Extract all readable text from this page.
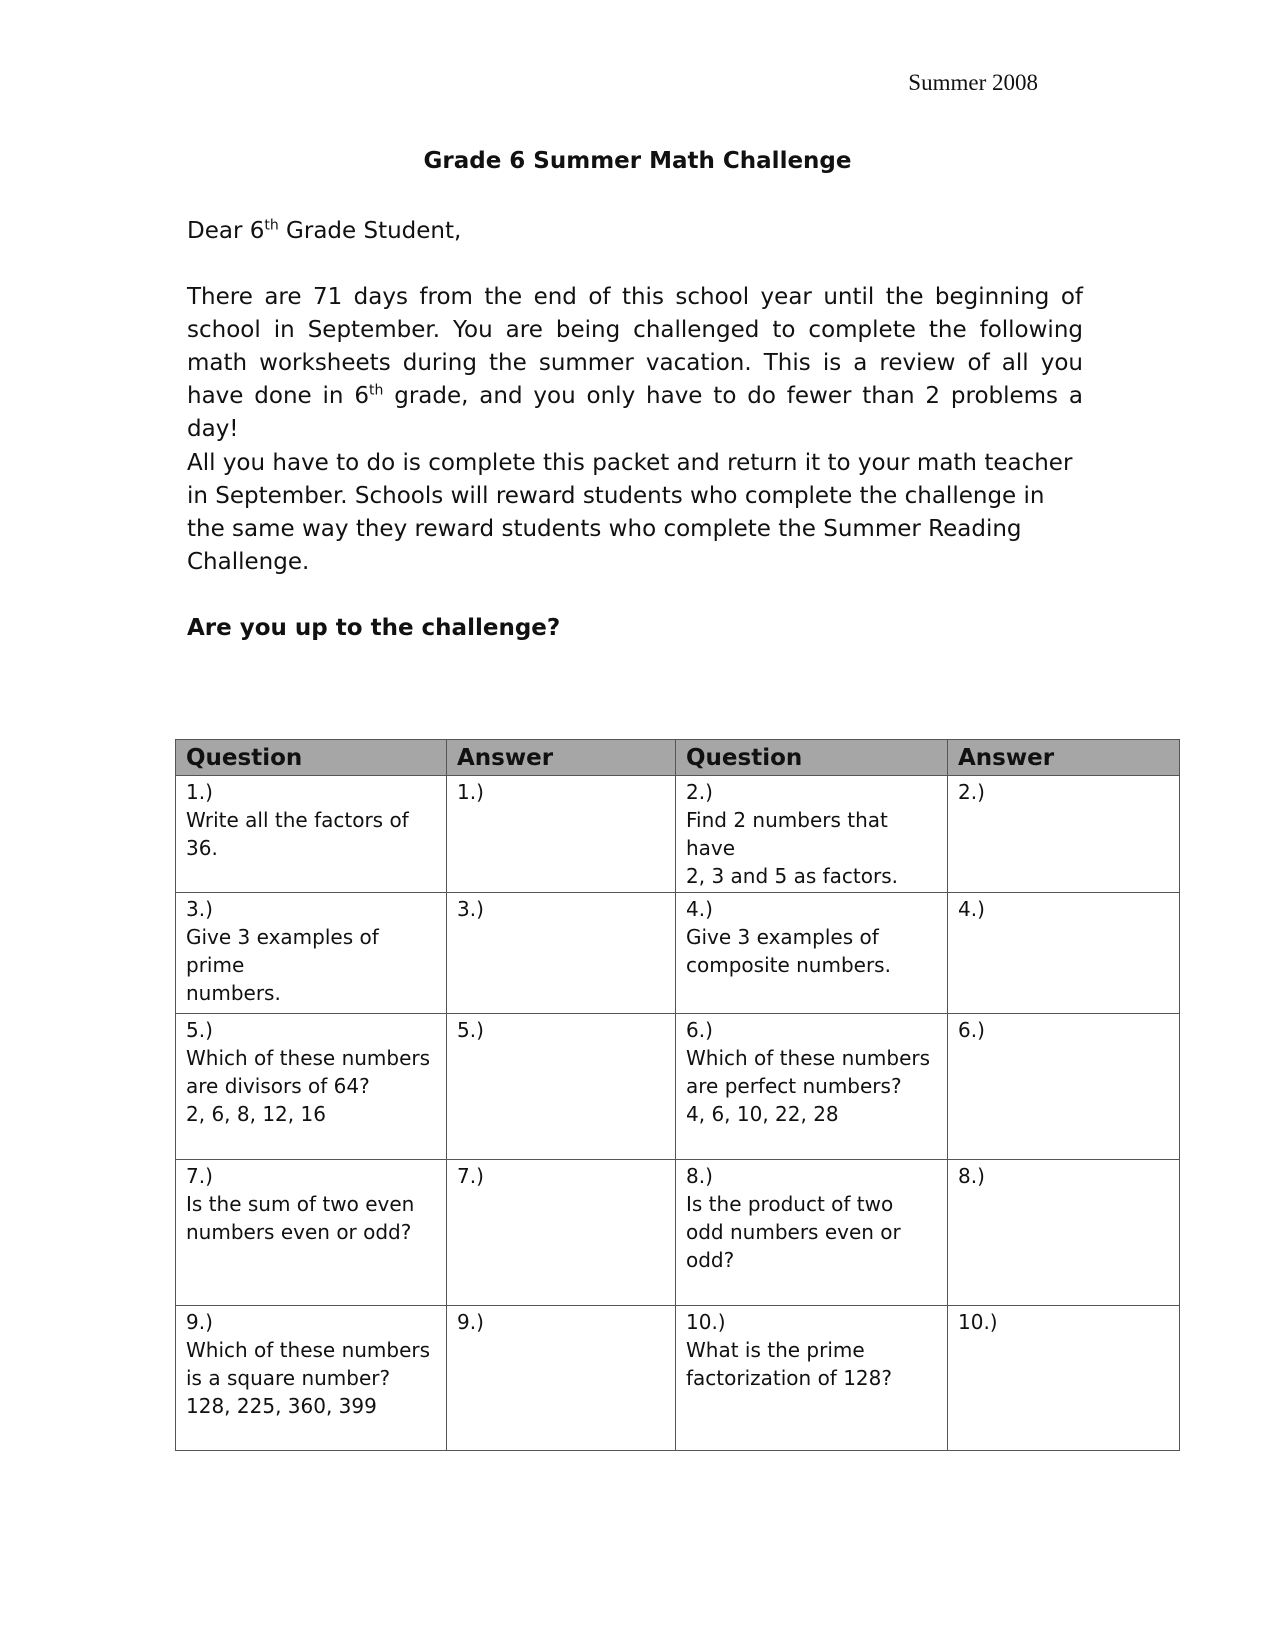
Summer 2008
Grade 6 Summer Math Challenge
Dear 6th Grade Student,
There are 71 days from the end of this school year until the beginning of school in September. You are being challenged to complete the following math worksheets during the summer vacation. This is a review of all you have done in 6th grade, and you only have to do fewer than 2 problems a day!
All you have to do is complete this packet and return it to your math teacher in September. Schools will reward students who complete the challenge in the same way they reward students who complete the Summer Reading Challenge.
Are you up to the challenge?
Question	Answer	Question	Answer

1.)
Write all the factors of
36.	1.)	2.)
Find 2 numbers that have
2, 3 and 5 as factors.	2.)

3.)
Give 3 examples of prime
numbers.	3.)	4.)
Give 3 examples of
composite numbers.	4.)

5.)
Which of these numbers
are divisors of 64?
2, 6, 8, 12, 16	5.)	6.)
Which of these numbers
are perfect numbers?
4, 6, 10, 22, 28	6.)

7.)
Is the sum of two even
numbers even or odd?	7.)	8.)
Is the product of two
odd numbers even or
odd?	8.)

9.)
Which of these numbers
is a square number?
128, 225, 360, 399	9.)	10.)
What is the prime
factorization of 128?	10.)
